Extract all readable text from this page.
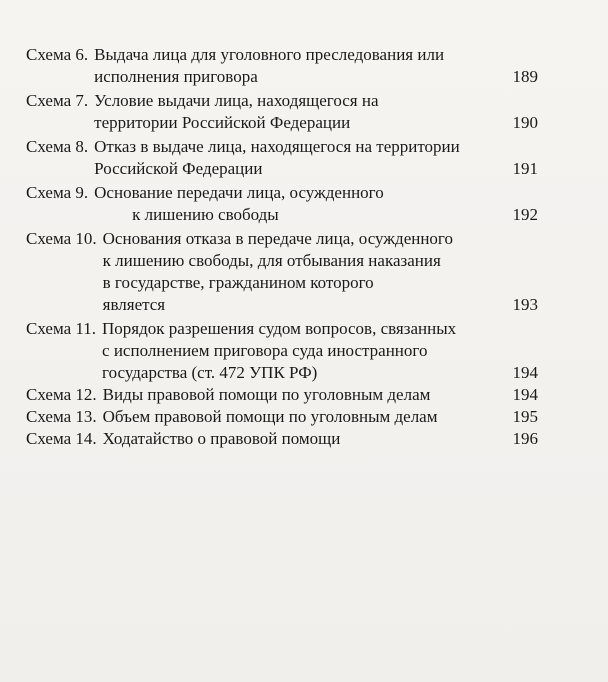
Схема 6. Выдача лица для уголовного преследования или
исполнения приговора	189
Схема 7. Условие выдачи лица, находящегося на
территории Российской Федерации	190
Схема 8. Отказ в выдаче лица, находящегося на территории
Российской Федерации	191
Схема 9. Основание передачи лица, осужденного
к лишению свободы	192
Схема 10. Основания отказа в передаче лица, осужденного
к лишению свободы, для отбывания наказания
в государстве, гражданином которого
является	193
Схема 11. Порядок разрешения судом вопросов, связанных
с исполнением приговора суда иностранного
государства (ст. 472 УПК РФ)	194
Схема 12. Виды правовой помощи по уголовным делам	194
Схема 13. Объем правовой помощи по уголовным делам	195
Схема 14. Ходатайство о правовой помощи	196
